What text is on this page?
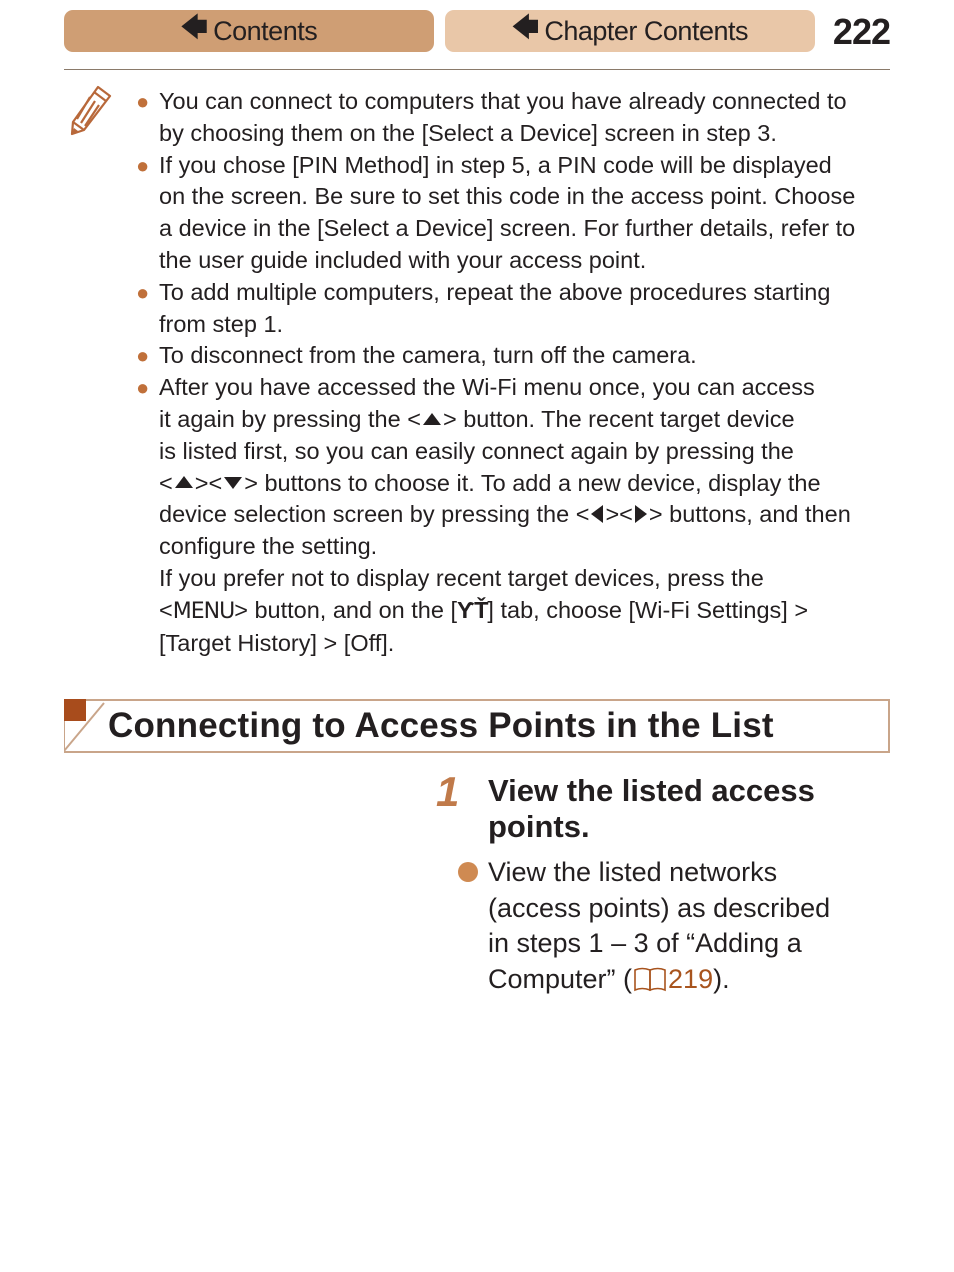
🡄 Contents	🡄 Chapter Contents 222
● You can connect to computers that you have already connected to
by choosing them on the [Select a Device] screen in step 3.
● If you chose [PIN Method] in step 5, a PIN code will be displayed
on the screen. Be sure to set this code in the access point. Choose
a device in the [Select a Device] screen. For further details, refer to
the user guide included with your access point.
● To add multiple computers, repeat the above procedures starting
from step 1.
● To disconnect from the camera, turn off the camera.
● After you have accessed the Wi-Fi menu once, you can access
it again by pressing the < > button. The recent target device
is listed first, so you can easily connect again by pressing the
< >< > buttons to choose it. To add a new device, display the
device selection screen by pressing the < >< > buttons, and then
configure the setting.
If you prefer not to display recent target devices, press the
<MENU> button, and on the [ƳŤ] tab, choose [Wi-Fi Settings] >
[Target History] > [Off].
Connecting to Access Points in the List
1 View the listed access
points.
View the listed networks
(access points) as described
in steps 1 – 3 of “Adding a
Computer” ( 219).
